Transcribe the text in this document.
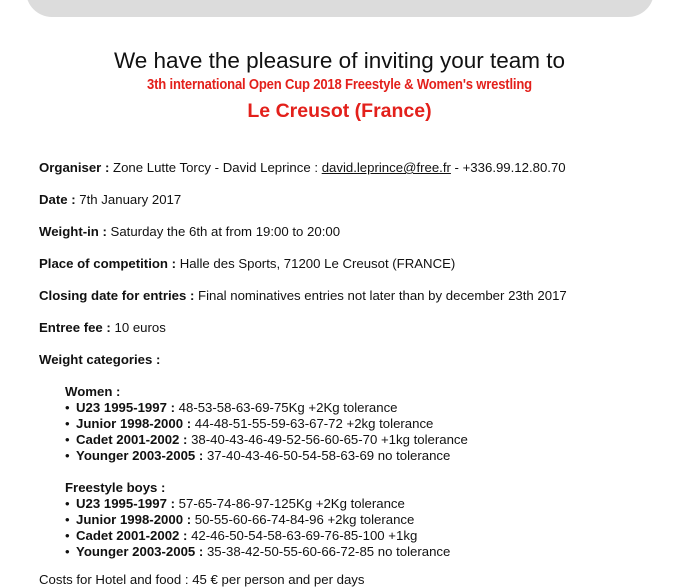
We have the pleasure of inviting your team to
3th international Open Cup 2018 Freestyle & Women's wrestling
Le Creusot (France)
Organiser : Zone Lutte Torcy - David Leprince : david.leprince@free.fr - +336.99.12.80.70
Date : 7th January 2017
Weight-in : Saturday the 6th at from 19:00 to 20:00
Place of competition : Halle des Sports, 71200 Le Creusot (FRANCE)
Closing date for entries : Final nominatives entries not later than by december 23th 2017
Entree fee : 10 euros
Weight categories :
Women :
• U23 1995-1997 : 48-53-58-63-69-75Kg +2Kg tolerance
• Junior 1998-2000 : 44-48-51-55-59-63-67-72 +2kg tolerance
• Cadet 2001-2002 : 38-40-43-46-49-52-56-60-65-70 +1kg tolerance
• Younger 2003-2005 : 37-40-43-46-50-54-58-63-69 no tolerance
Freestyle boys :
• U23 1995-1997 : 57-65-74-86-97-125Kg +2Kg tolerance
• Junior 1998-2000 : 50-55-60-66-74-84-96 +2kg tolerance
• Cadet 2001-2002 : 42-46-50-54-58-63-69-76-85-100 +1kg
• Younger 2003-2005 : 35-38-42-50-55-60-66-72-85 no tolerance
Costs for Hotel and food : 45 € per person and per days
